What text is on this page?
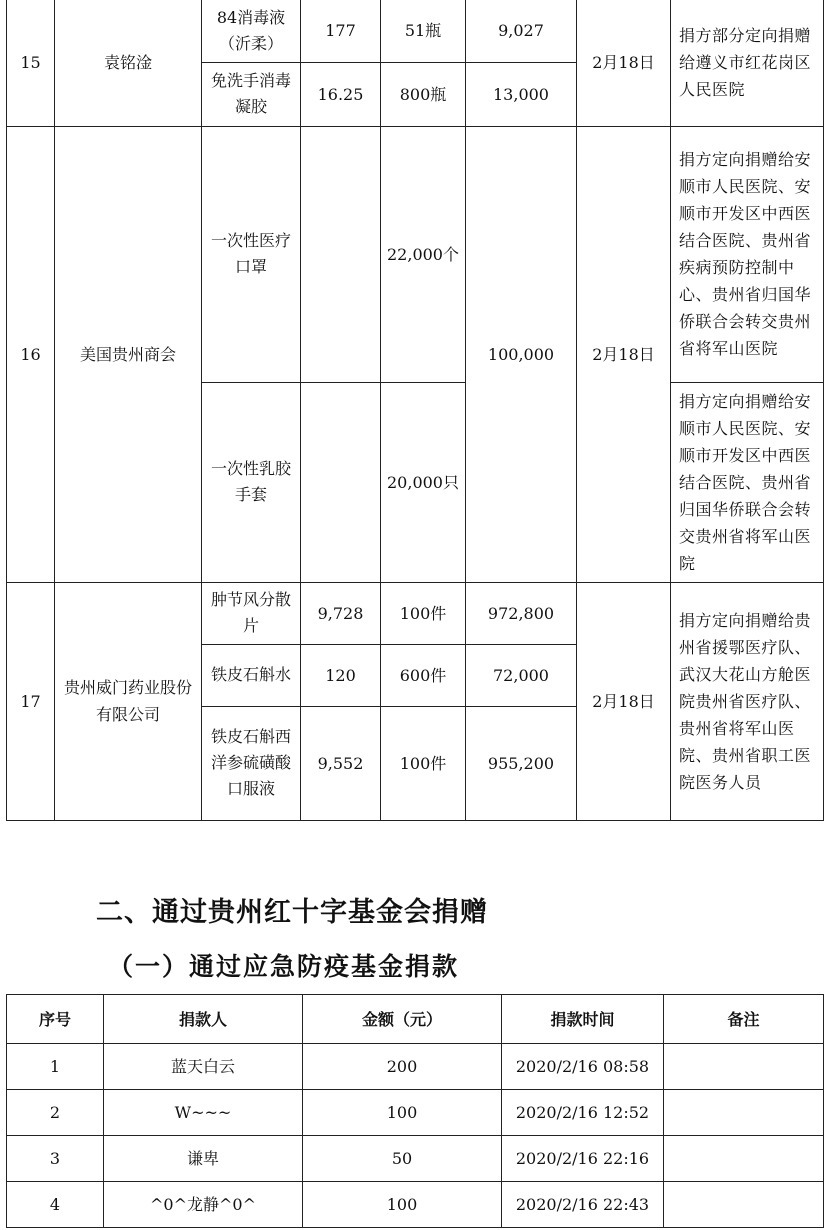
15	袁铭淦	84消毒液（沂柔）	177	51瓶	9,027	2月18日	捐方部分定向捐赠给遵义市红花岗区人民医院
		免洗手消毒凝胶	16.25	800瓶	13,000		
16	美国贵州商会	一次性医疗口罩		22,000个	100,000	2月18日	捐方定向捐赠给安顺市人民医院、安顺市开发区中西医结合医院、贵州省疾病预防控制中心、贵州省归国华侨联合会转交贵州省将军山医院
		一次性乳胶手套		20,000只			捐方定向捐赠给安顺市人民医院、安顺市开发区中西医结合医院、贵州省归国华侨联合会转交贵州省将军山医院
17	贵州威门药业股份有限公司	肿节风分散片	9,728	100件	972,800	2月18日	捐方定向捐赠给贵州省援鄂医疗队、武汉大花山方舱医院贵州省医疗队、贵州省将军山医院、贵州省职工医院医务人员
		铁皮石斛水	120	600件	72,000		
		铁皮石斛西洋参硫磺酸口服液	9,552	100件	955,200		
二、通过贵州红十字基金会捐赠
（一）通过应急防疫基金捐款
序号	捐款人	金额（元）	捐款时间	备注
1	蓝天白云	200	2020/2/16 08:58	
2	W~~~	100	2020/2/16 12:52	
3	谦卑	50	2020/2/16 22:16	
4	^0^龙静^0^	100	2020/2/16 22:43	
